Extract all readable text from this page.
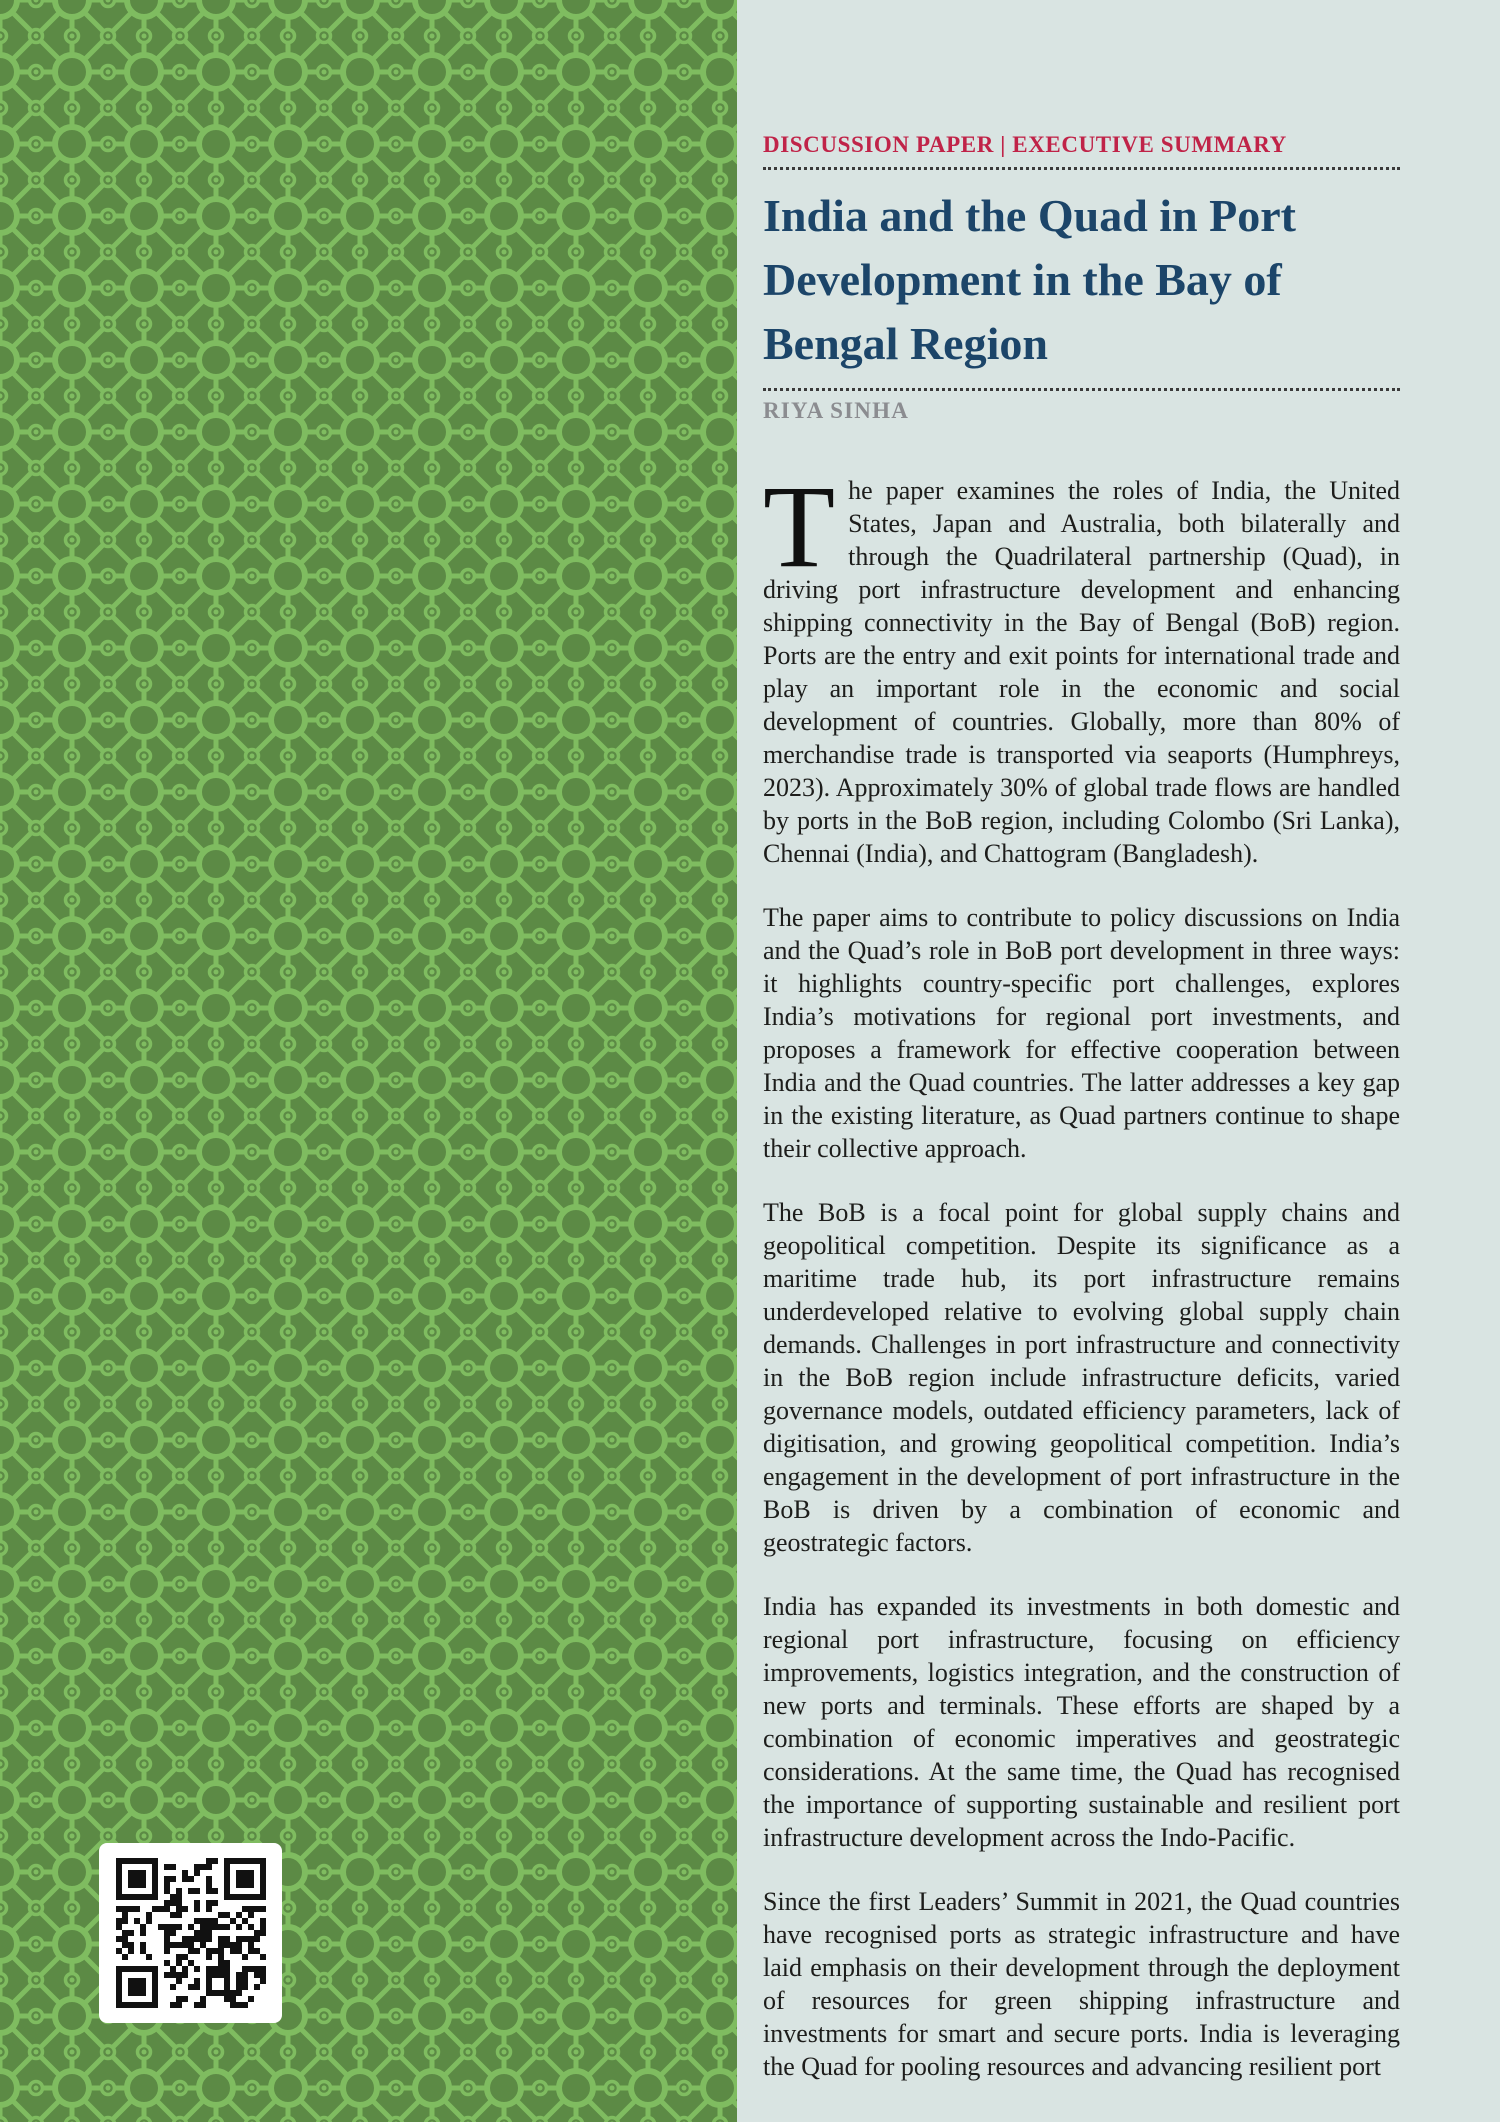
DISCUSSION PAPER | EXECUTIVE SUMMARY
India and the Quad in Port Development in the Bay of Bengal Region
RIYA SINHA

The paper examines the roles of India, the United States, Japan and Australia, both bilaterally and through the Quadrilateral partnership (Quad), in driving port infrastructure development and enhancing shipping connectivity in the Bay of Bengal (BoB) region. Ports are the entry and exit points for international trade and play an important role in the economic and social development of countries. Globally, more than 80% of merchandise trade is transported via seaports (Humphreys, 2023). Approximately 30% of global trade flows are handled by ports in the BoB region, including Colombo (Sri Lanka), Chennai (India), and Chattogram (Bangladesh).

The paper aims to contribute to policy discussions on India and the Quad’s role in BoB port development in three ways: it highlights country-specific port challenges, explores India’s motivations for regional port investments, and proposes a framework for effective cooperation between India and the Quad countries. The latter addresses a key gap in the existing literature, as Quad partners continue to shape their collective approach.

The BoB is a focal point for global supply chains and geopolitical competition. Despite its significance as a maritime trade hub, its port infrastructure remains underdeveloped relative to evolving global supply chain demands. Challenges in port infrastructure and connectivity in the BoB region include infrastructure deficits, varied governance models, outdated efficiency parameters, lack of digitisation, and growing geopolitical competition. India’s engagement in the development of port infrastructure in the BoB is driven by a combination of economic and geostrategic factors.

India has expanded its investments in both domestic and regional port infrastructure, focusing on efficiency improvements, logistics integration, and the construction of new ports and terminals. These efforts are shaped by a combination of economic imperatives and geostrategic considerations. At the same time, the Quad has recognised the importance of supporting sustainable and resilient port infrastructure development across the Indo-Pacific.

Since the first Leaders’ Summit in 2021, the Quad countries have recognised ports as strategic infrastructure and have laid emphasis on their development through the deployment of resources for green shipping infrastructure and investments for smart and secure ports. India is leveraging the Quad for pooling resources and advancing resilient port
